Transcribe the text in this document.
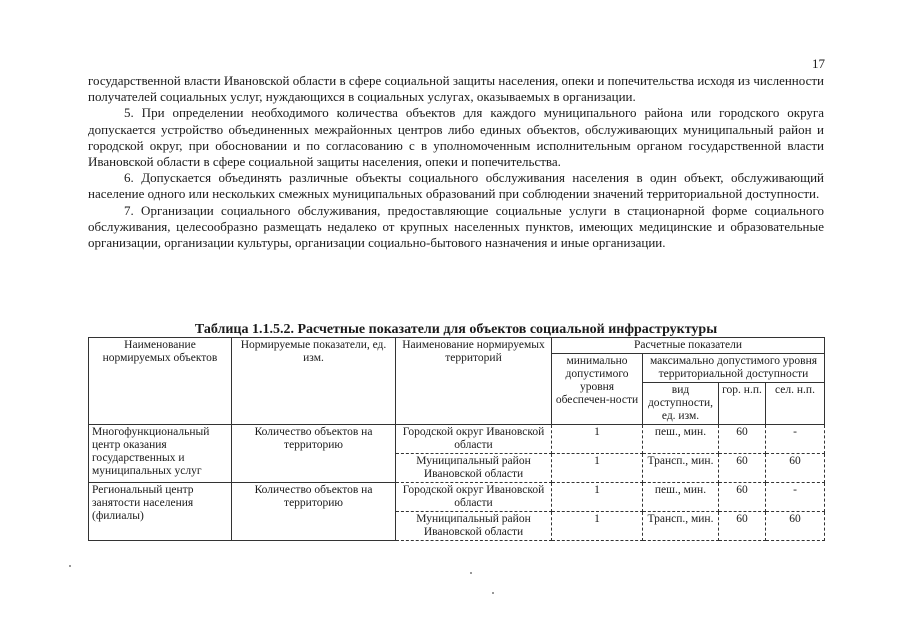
17

государственной власти Ивановской области в сфере социальной защиты населения, опеки и попечительства исходя из численности получателей социальных услуг, нуждающихся в социальных услугах, оказываемых в организации.

5. При определении необходимого количества объектов для каждого муниципального района или городского округа допускается устройство объединенных межрайонных центров либо единых объектов, обслуживающих муниципальный район и городской округ, при обосновании и по согласованию с в уполномоченным исполнительным органом государственной власти Ивановской области в сфере социальной защиты населения, опеки и попечительства.

6. Допускается объединять различные объекты социального обслуживания населения в один объект, обслуживающий население одного или нескольких смежных муниципальных образований при соблюдении значений территориальной доступности.

7. Организации социального обслуживания, предоставляющие социальные услуги в стационарной форме социального обслуживания, целесообразно размещать недалеко от крупных населенных пунктов, имеющих медицинские и образовательные организации, организации культуры, организации социально-бытового назначения и иные организации.

Таблица 1.1.5.2. Расчетные показатели для объектов социальной инфраструктуры
Наименование нормируемых объектов	Нормируемые показатели, ед. изм.	Наименование нормируемых территорий	Расчетные показатели			
			минимально допустимого уровня обеспечен-ности	максимально допустимого уровня территориальной доступности		
				вид доступности, ед. изм.	гор. н.п.	сел. н.п.
Многофункциональный центр оказания государственных и муниципальных услуг	Количество объектов на территорию	Городской округ Ивановской области	1	пеш., мин.	60	-
		Муниципальный район Ивановской области	1	Трансп., мин.	60	60
Региональный центр занятости населения (филиалы)	Количество объектов на территорию	Городской округ Ивановской области	1	пеш., мин.	60	-
		Муниципальный район Ивановской области	1	Трансп., мин.	60	60
